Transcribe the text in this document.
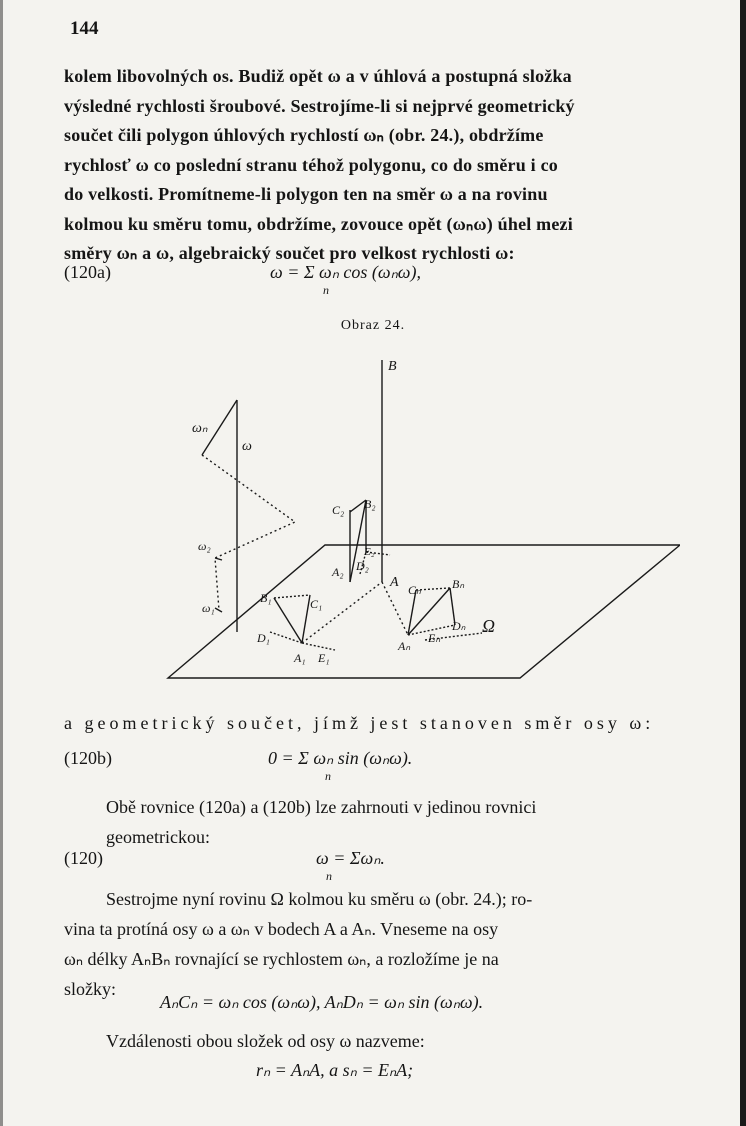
144
kolem libovolných os. Budiž opět ω a v úhlová a postupná složka
výsledné rychlosti šroubové. Sestrojíme-li si nejprvé geometrický
součet čili polygon úhlových rychlostí ωₙ (obr. 24.), obdržíme
rychlosť ω co poslední stranu téhož polygonu, co do směru i co
do velkosti. Promítneme-li polygon ten na směr ω a na rovinu
kolmou ku směru tomu, obdržíme, zovouce opět (ωₙω) úhel mezi
směry ωₙ a ω, algebraický součet pro velkost rychlosti ω:
(120a)	ω = Σ ωₙ cos (ωₙω),
n
Obraz 24.
B
ωₙ
ω
ω₂
ω₁
C₂ B₂
E₂
A₂ D₂
A Cₙ	Bₙ
Dₙ Ω
B₁	C₁
D₁
A₁ E₁
Aₙ
Eₙ
a geometrický součet, jímž jest stanoven směr osy ω:
(120b)	0 = Σ ωₙ sin (ωₙω).
n
Obě rovnice (120a) a (120b) lze zahrnouti v jedinou rovnici
geometrickou:
(120)	ω = Σωₙ.
n
Sestrojme nyní rovinu Ω kolmou ku směru ω (obr. 24.); ro-
vina ta protíná osy ω a ωₙ v bodech A a Aₙ. Vneseme na osy
ωₙ délky AₙBₙ rovnající se rychlostem ωₙ, a rozložíme je na
složky:
AₙCₙ = ωₙ cos (ωₙω), AₙDₙ = ωₙ sin (ωₙω).
Vzdálenosti obou složek od osy ω nazveme:
rₙ = AₙA, a sₙ = EₙA;
